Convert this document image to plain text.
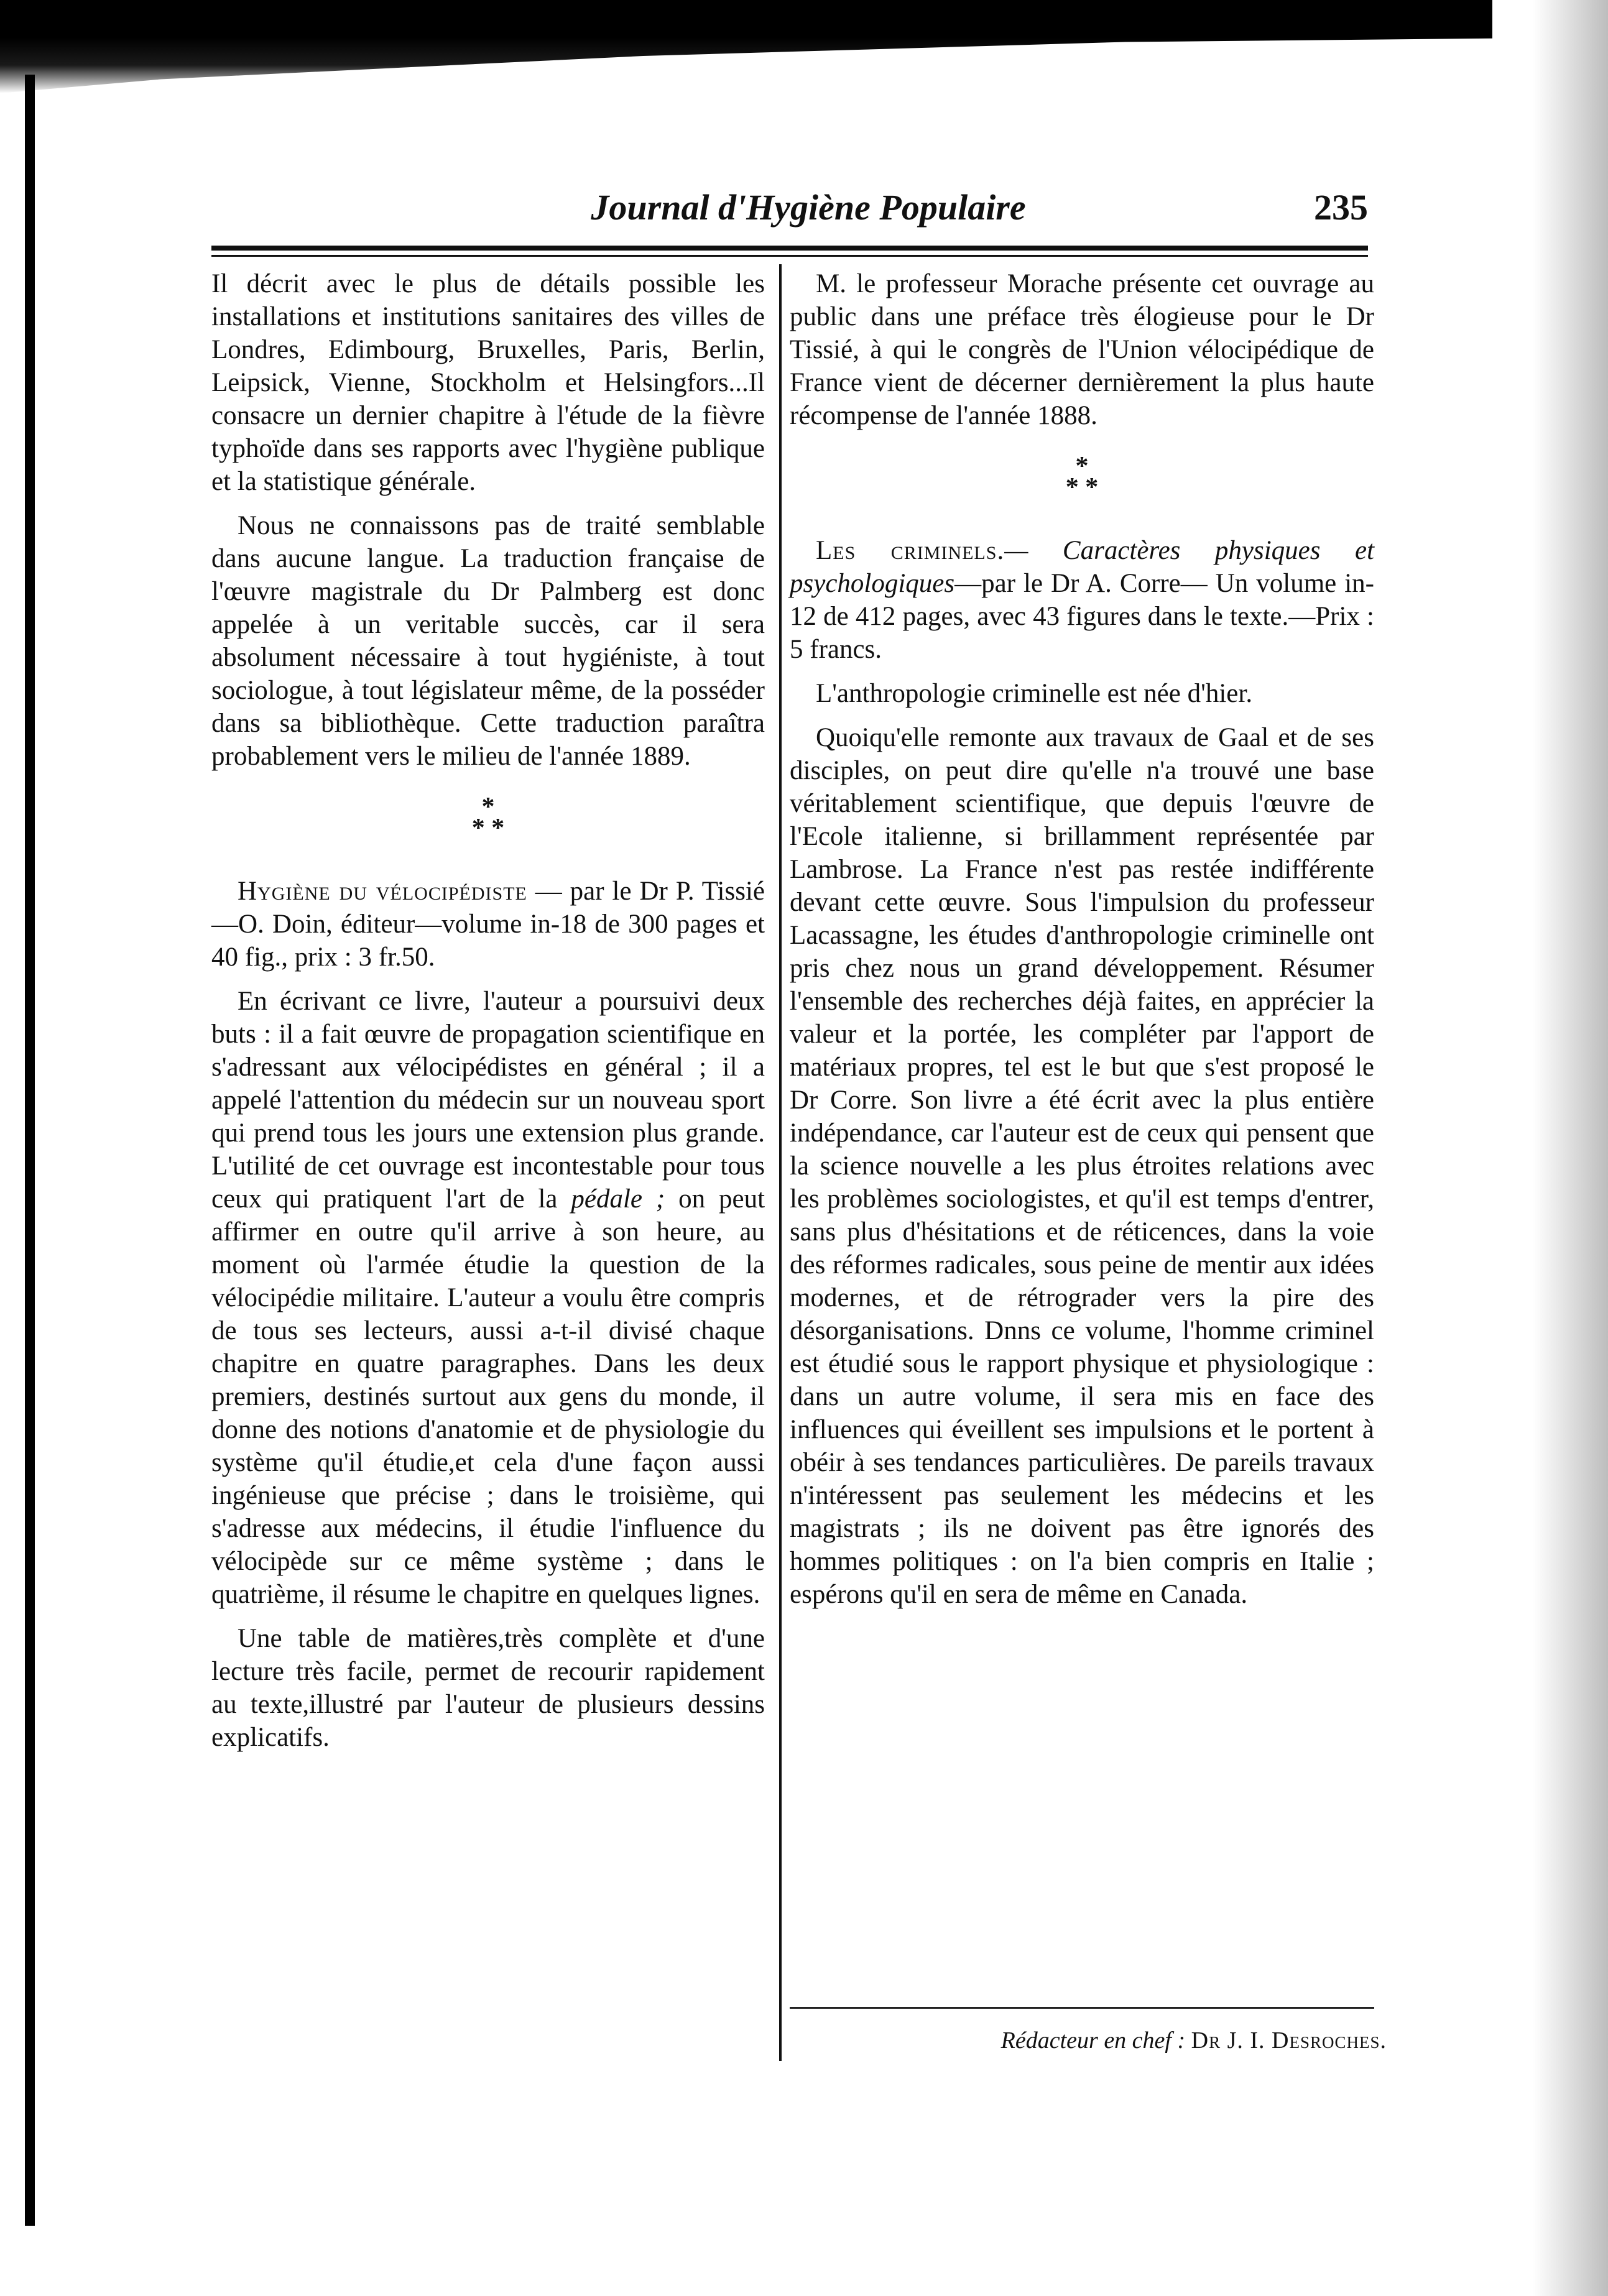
Journal d'Hygiène Populaire	235

Il décrit avec le plus de détails possible les installations et institutions sanitaires des villes de Londres, Edimbourg, Bruxelles, Paris, Berlin, Leipsick, Vienne, Stockholm et Helsingfors...Il consacre un dernier chapitre à l'étude de la fièvre typhoïde dans ses rapports avec l'hygiène publique et la statistique générale.

Nous ne connaissons pas de traité semblable dans aucune langue. La traduction française de l'œuvre magistrale du Dr Palmberg est donc appelée à un veritable succès, car il sera absolument nécessaire à tout hygiéniste, à tout sociologue, à tout législateur même, de la posséder dans sa bibliothèque. Cette traduction paraîtra probablement vers le milieu de l'année 1889.

*
* *

Hygiène du vélocipédiste — par le Dr P. Tissié—O. Doin, éditeur—volume in-18 de 300 pages et 40 fig., prix : 3 fr.50.

En écrivant ce livre, l'auteur a poursuivi deux buts : il a fait œuvre de propagation scientifique en s'adressant aux vélocipédistes en général ; il a appelé l'attention du médecin sur un nouveau sport qui prend tous les jours une extension plus grande. L'utilité de cet ouvrage est incontestable pour tous ceux qui pratiquent l'art de la pédale ; on peut affirmer en outre qu'il arrive à son heure, au moment où l'armée étudie la question de la vélocipédie militaire. L'auteur a voulu être compris de tous ses lecteurs, aussi a-t-il divisé chaque chapitre en quatre paragraphes. Dans les deux premiers, destinés surtout aux gens du monde, il donne des notions d'anatomie et de physiologie du système qu'il étudie,et cela d'une façon aussi ingénieuse que précise ; dans le troisième, qui s'adresse aux médecins, il étudie l'influence du vélocipède sur ce même système ; dans le quatrième, il résume le chapitre en quelques lignes.

Une table de matières,très complète et d'une lecture très facile, permet de recourir rapidement au texte,illustré par l'auteur de plusieurs dessins explicatifs.

M. le professeur Morache présente cet ouvrage au public dans une préface très élogieuse pour le Dr Tissié, à qui le congrès de l'Union vélocipédique de France vient de décerner dernièrement la plus haute récompense de l'année 1888.

*
* *

Les criminels.— Caractères physiques et psychologiques—par le Dr A. Corre— Un volume in-12 de 412 pages, avec 43 figures dans le texte.—Prix : 5 francs.

L'anthropologie criminelle est née d'hier.

Quoiqu'elle remonte aux travaux de Gaal et de ses disciples, on peut dire qu'elle n'a trouvé une base véritablement scientifique, que depuis l'œuvre de l'Ecole italienne, si brillamment représentée par Lambrose. La France n'est pas restée indifférente devant cette œuvre. Sous l'impulsion du professeur Lacassagne, les études d'anthropologie criminelle ont pris chez nous un grand développement. Résumer l'ensemble des recherches déjà faites, en apprécier la valeur et la portée, les compléter par l'apport de matériaux propres, tel est le but que s'est proposé le Dr Corre. Son livre a été écrit avec la plus entière indépendance, car l'auteur est de ceux qui pensent que la science nouvelle a les plus étroites relations avec les problèmes sociologistes, et qu'il est temps d'entrer, sans plus d'hésitations et de réticences, dans la voie des réformes radicales, sous peine de mentir aux idées modernes, et de rétrograder vers la pire des désorganisations. Dnns ce volume, l'homme criminel est étudié sous le rapport physique et physiologique : dans un autre volume, il sera mis en face des influences qui éveillent ses impulsions et le portent à obéir à ses tendances particulières. De pareils travaux n'intéressent pas seulement les médecins et les magistrats ; ils ne doivent pas être ignorés des hommes politiques : on l'a bien compris en Italie ; espérons qu'il en sera de même en Canada.

Rédacteur en chef : Dr J. I. Desroches.
